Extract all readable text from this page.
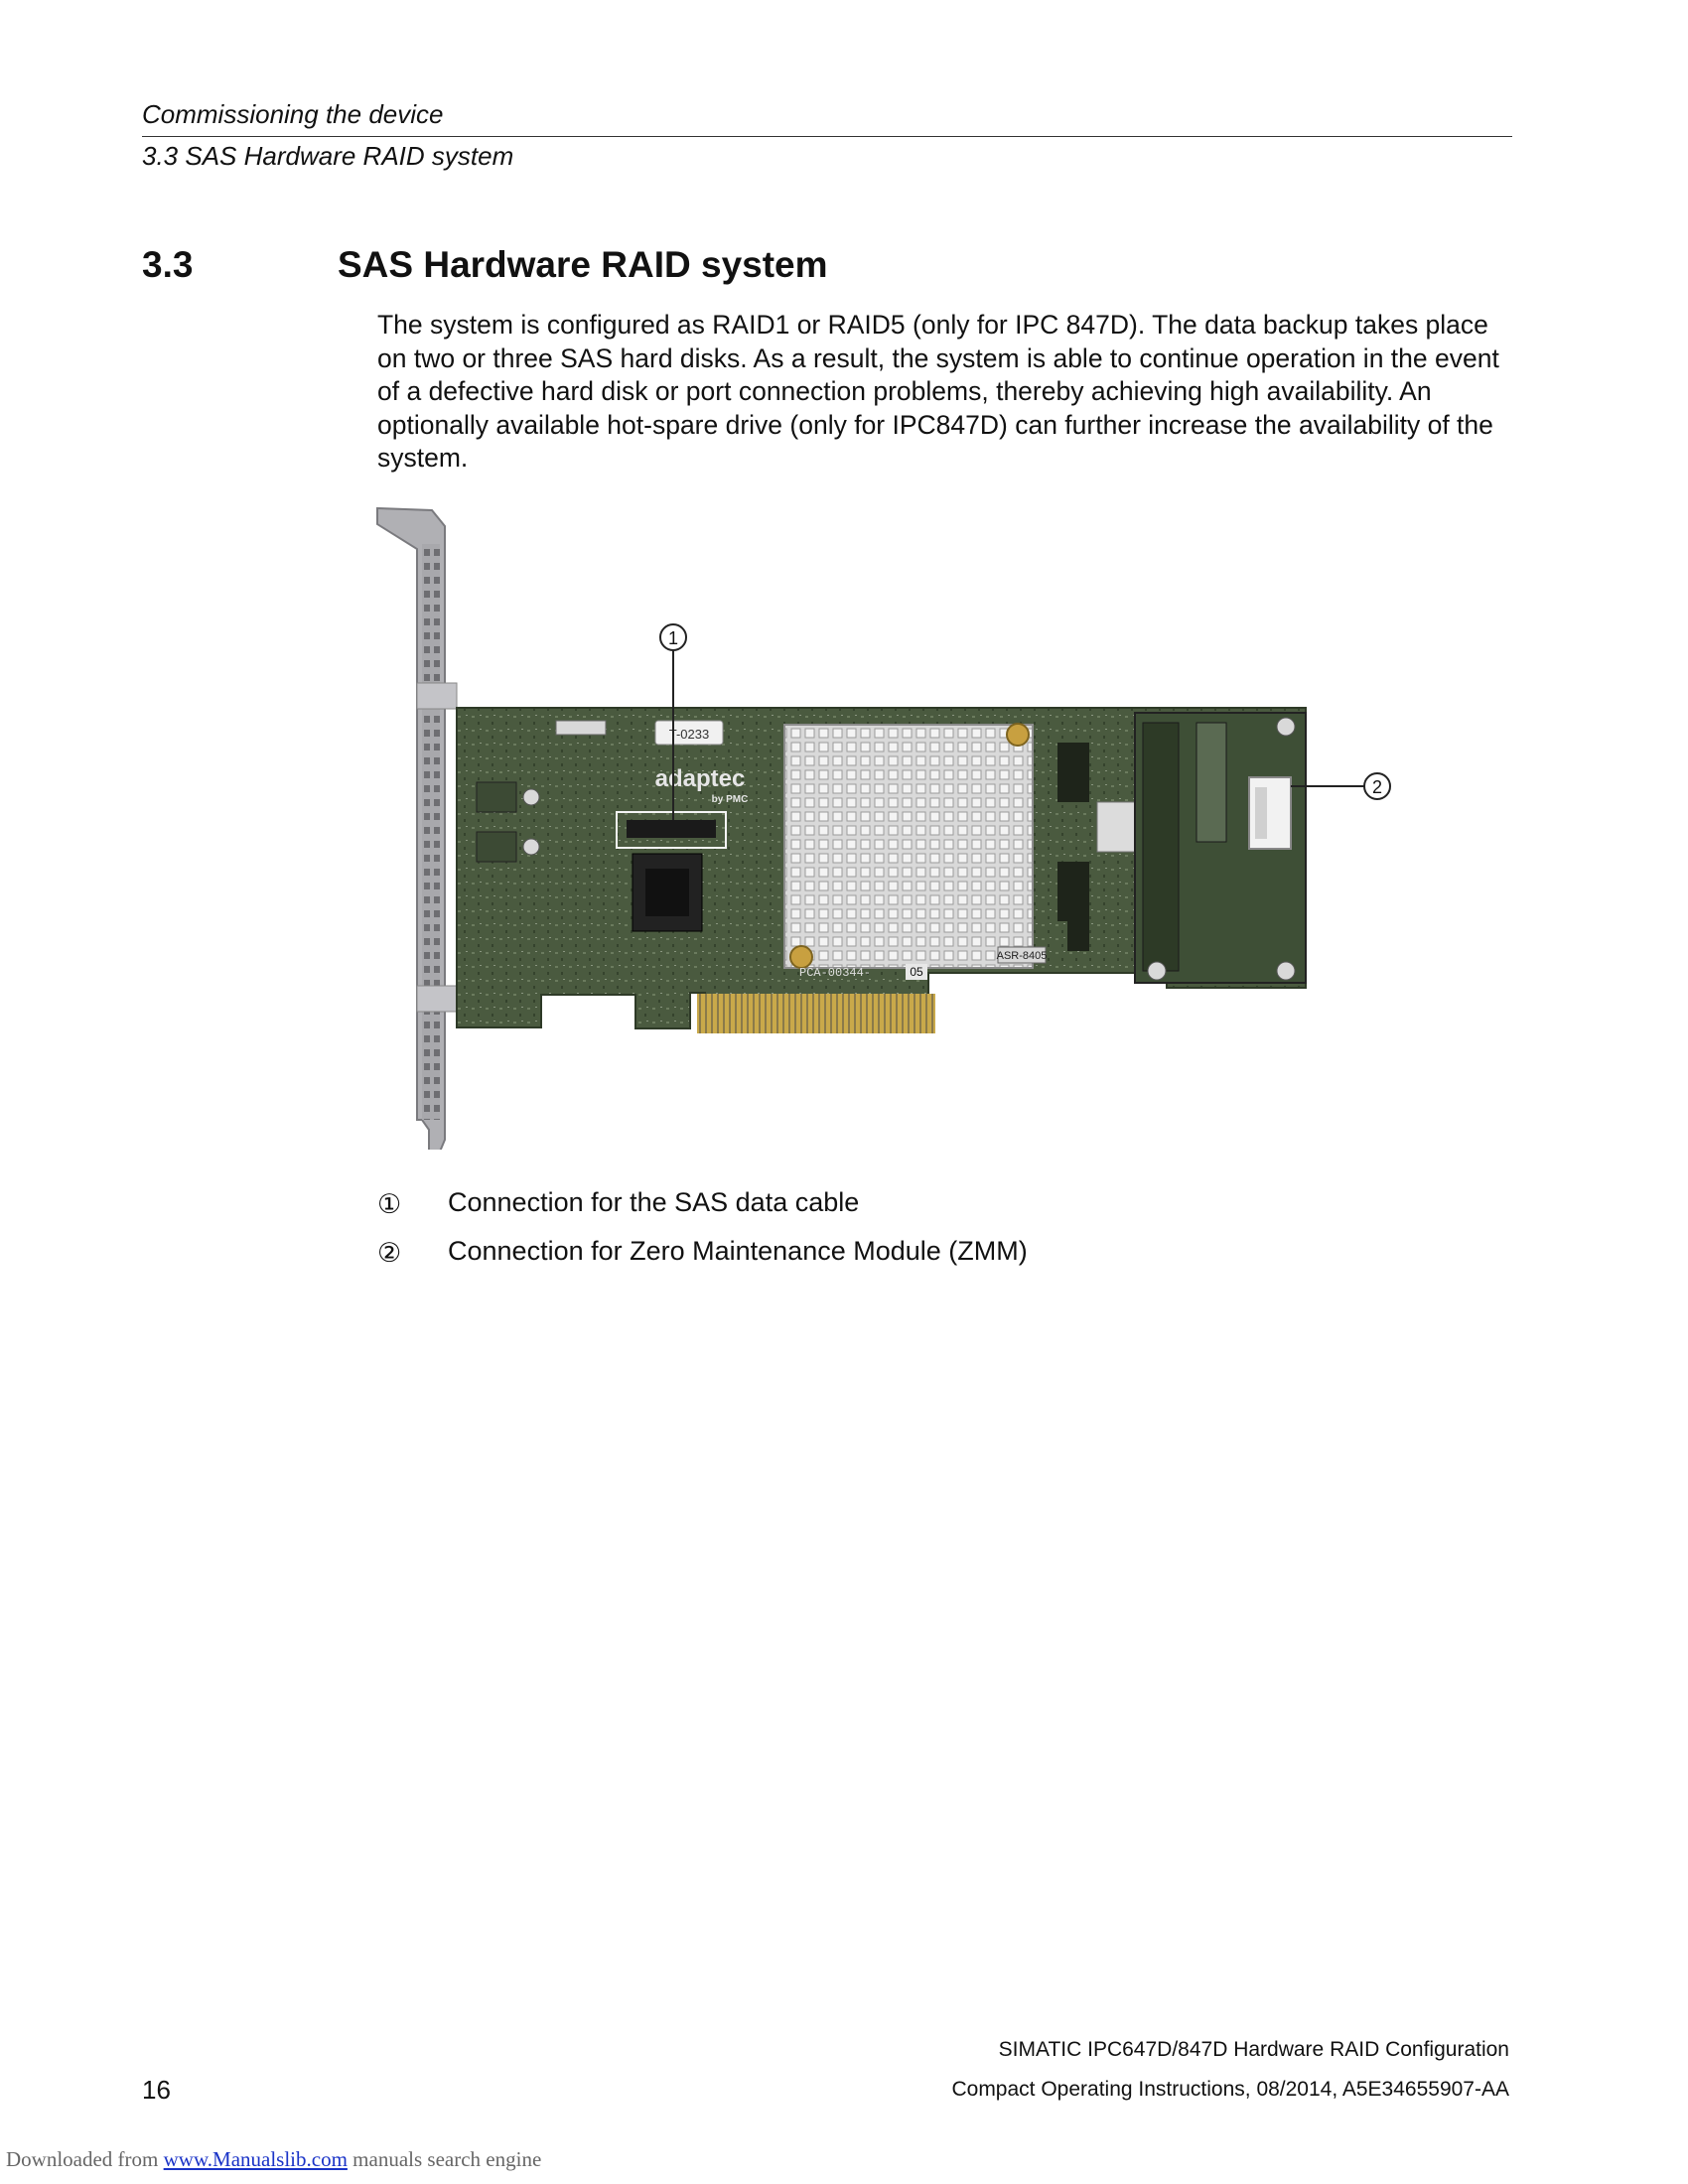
Commissioning the device
3.3 SAS Hardware RAID system
3.3	SAS Hardware RAID system
The system is configured as RAID1 or RAID5 (only for IPC 847D). The data backup takes place on two or three SAS hard disks. As a result, the system is able to continue operation in the event of a defective hard disk or port connection problems, thereby achieving high availability. An optionally available hot-spare drive (only for IPC847D) can further increase the availability of the system.
T-0233
adaptec
by PMC
ASR-8405
PCA-00344-	05
1
2
① Connection for the SAS data cable
② Connection for Zero Maintenance Module (ZMM)
SIMATIC IPC647D/847D Hardware RAID Configuration
16	Compact Operating Instructions, 08/2014, A5E34655907-AA
Downloaded from www.Manualslib.com manuals search engine
